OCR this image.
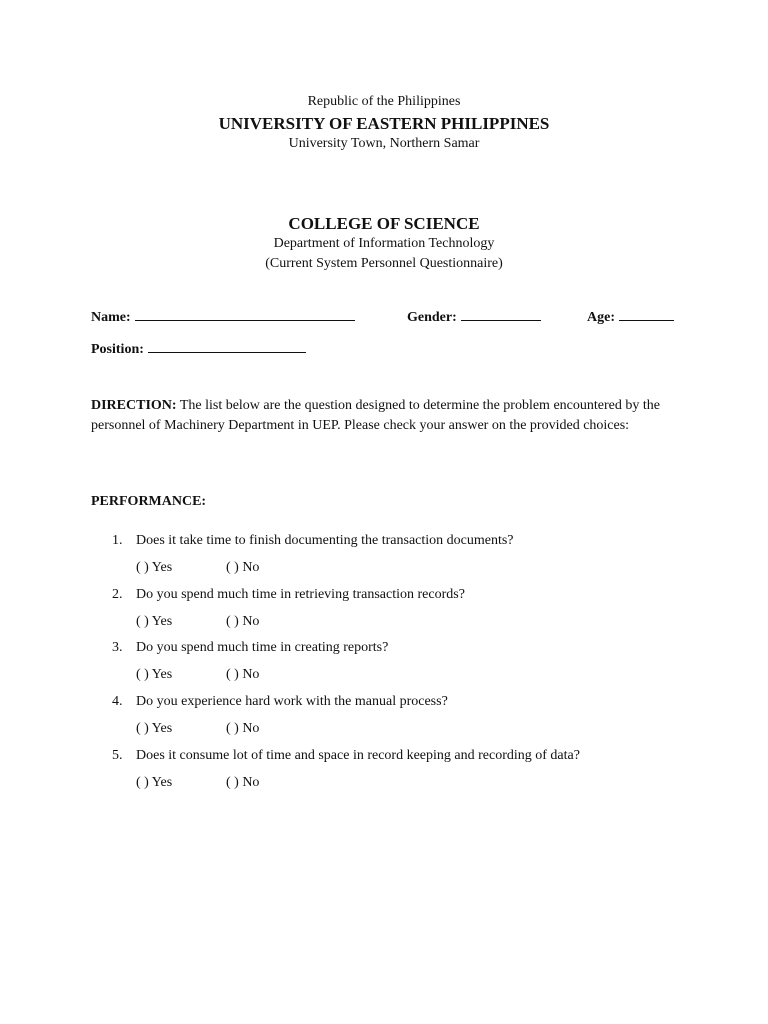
Republic of the Philippines
UNIVERSITY OF EASTERN PHILIPPINES
University Town, Northern Samar
COLLEGE OF SCIENCE
Department of Information Technology
(Current System Personnel Questionnaire)
Name:	Gender:	Age:
Position:
DIRECTION: The list below are the question designed to determine the problem encountered by the personnel of Machinery Department in UEP. Please check your answer on the provided choices:
PERFORMANCE:
1. Does it take time to finish documenting the transaction documents?
( ) Yes	( ) No
2. Do you spend much time in retrieving transaction records?
( ) Yes	( ) No
3. Do you spend much time in creating reports?
( ) Yes	( ) No
4. Do you experience hard work with the manual process?
( ) Yes	( ) No
5. Does it consume lot of time and space in record keeping and recording of data?
( ) Yes	( ) No
